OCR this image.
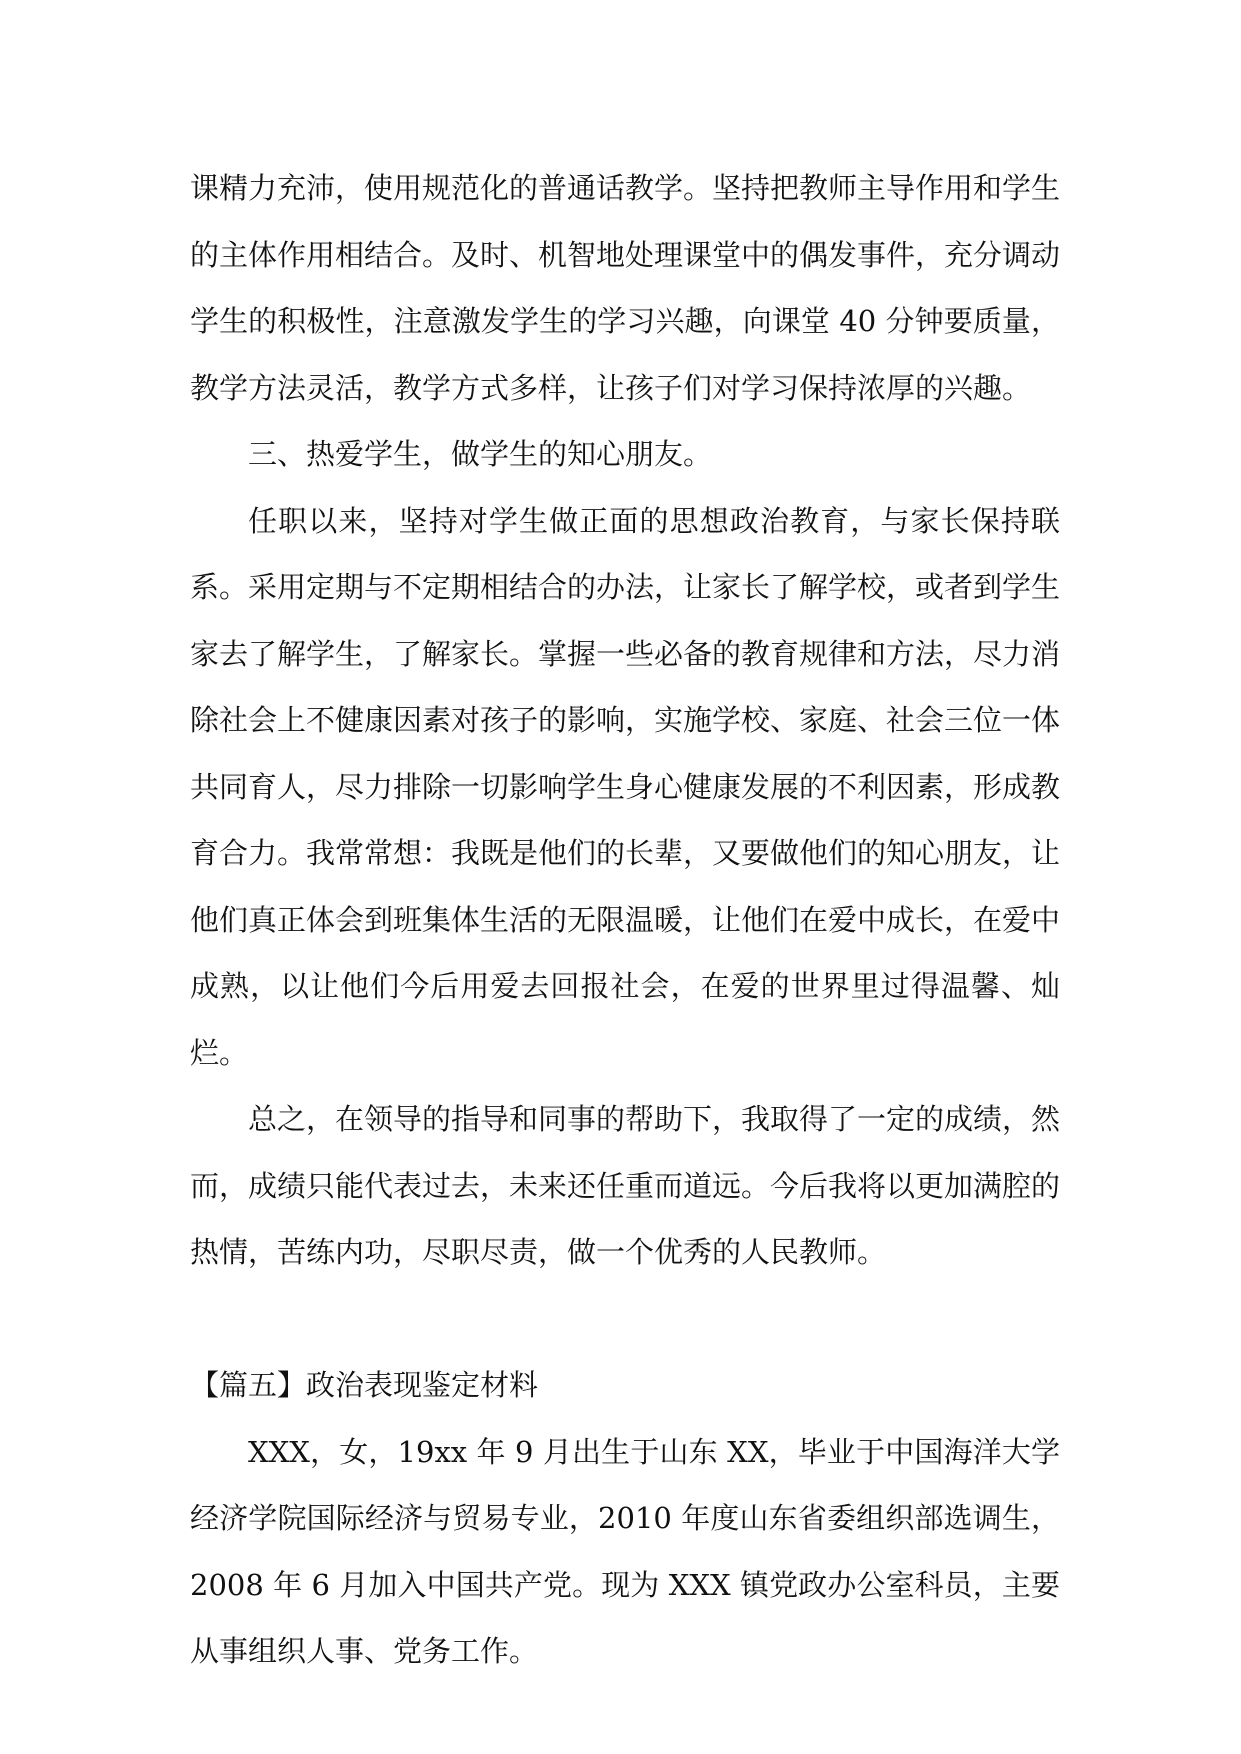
课精力充沛，使用规范化的普通话教学。坚持把教师主导作用和学生的主体作用相结合。及时、机智地处理课堂中的偶发事件，充分调动学生的积极性，注意激发学生的学习兴趣，向课堂 40 分钟要质量，教学方法灵活，教学方式多样，让孩子们对学习保持浓厚的兴趣。

三、热爱学生，做学生的知心朋友。

任职以来，坚持对学生做正面的思想政治教育，与家长保持联系。采用定期与不定期相结合的办法，让家长了解学校，或者到学生家去了解学生，了解家长。掌握一些必备的教育规律和方法，尽力消除社会上不健康因素对孩子的影响，实施学校、家庭、社会三位一体共同育人，尽力排除一切影响学生身心健康发展的不利因素，形成教育合力。我常常想：我既是他们的长辈，又要做他们的知心朋友，让他们真正体会到班集体生活的无限温暖，让他们在爱中成长，在爱中成熟，以让他们今后用爱去回报社会，在爱的世界里过得温馨、灿烂。

总之，在领导的指导和同事的帮助下，我取得了一定的成绩，然而，成绩只能代表过去，未来还任重而道远。今后我将以更加满腔的热情，苦练内功，尽职尽责，做一个优秀的人民教师。

【篇五】政治表现鉴定材料

XXX，女，19xx 年 9 月出生于山东 XX，毕业于中国海洋大学经济学院国际经济与贸易专业，2010 年度山东省委组织部选调生，2008 年 6 月加入中国共产党。现为 XXX 镇党政办公室科员，主要从事组织人事、党务工作。
